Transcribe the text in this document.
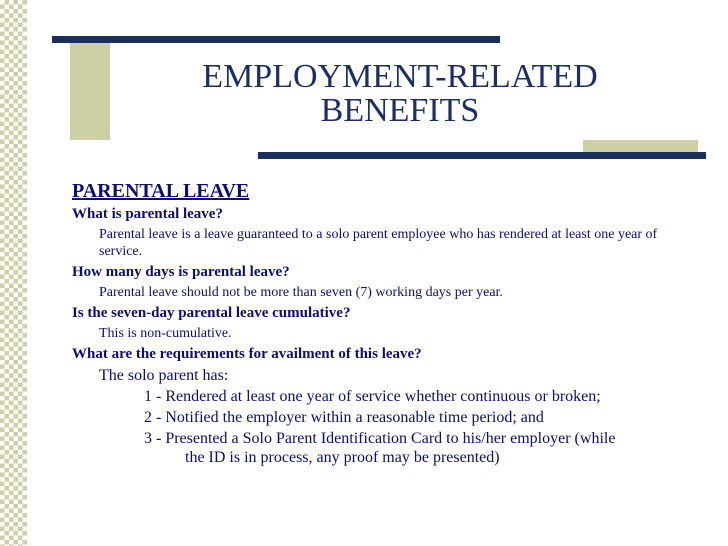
EMPLOYMENT-RELATED
BENEFITS
PARENTAL LEAVE
What is parental leave?
Parental leave is a leave guaranteed to a solo parent employee who has rendered at least one year of service.
How many days is parental leave?
Parental leave should not be more than seven (7) working days per year.
Is the seven-day parental leave cumulative?
This is non-cumulative.
What are the requirements for availment of this leave?
The solo parent has:
1 - Rendered at least one year of service whether continuous or broken;
2 - Notified the employer within a reasonable time period; and
3 - Presented a Solo Parent Identification Card to his/her employer (while
the ID is in process, any proof may be presented)
